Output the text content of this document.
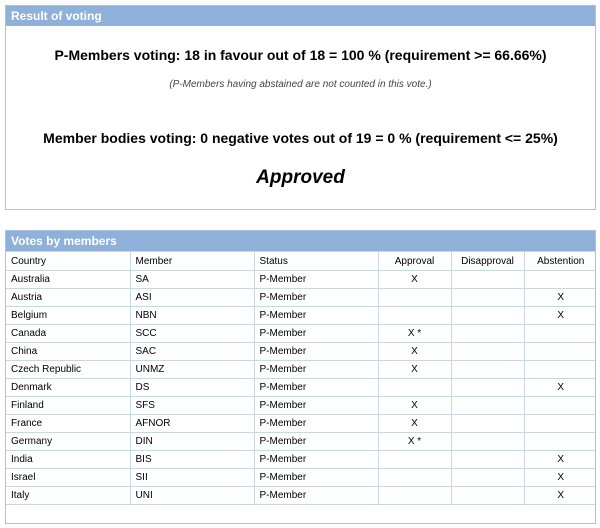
Result of voting
P-Members voting: 18 in favour out of 18 = 100 % (requirement >= 66.66%)
(P-Members having abstained are not counted in this vote.)
Member bodies voting: 0 negative votes out of 19 = 0 % (requirement <= 25%)
Approved
Votes by members
Country	Member	Status	Approval	Disapproval	Abstention
Australia	SA	P-Member	X		
Austria	ASI	P-Member			X
Belgium	NBN	P-Member			X
Canada	SCC	P-Member	X *		
China	SAC	P-Member	X		
Czech Republic	UNMZ	P-Member	X		
Denmark	DS	P-Member			X
Finland	SFS	P-Member	X		
France	AFNOR	P-Member	X		
Germany	DIN	P-Member	X *		
India	BIS	P-Member			X
Israel	SII	P-Member			X
Italy	UNI	P-Member			X
